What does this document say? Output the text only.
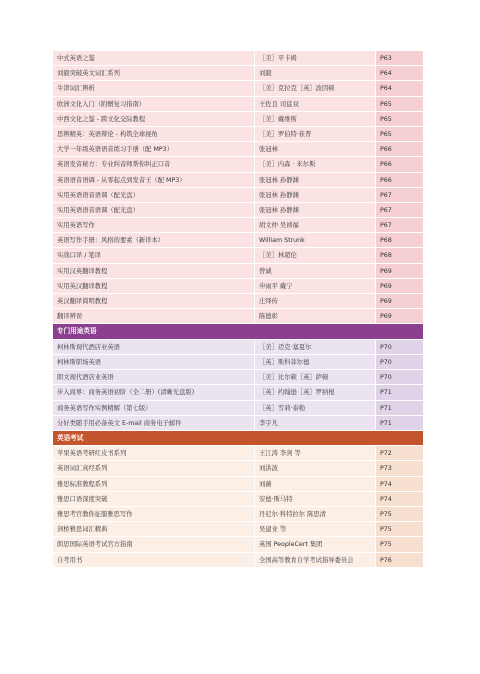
中式英语之鉴	［美］平卡姆	P63
刘毅突破英文词汇系列	刘毅	P64
牛津词汇辨析	［美］克拉克［英］波因顿	P64
欧洲文化入门（附赠复习指南）	王佐良 司徒双	P65
中西文化之鉴 - 跨文化交际教程	［美］戴维斯	P65
思辨精英：英语辩论 - 构筑全球视角	［美］罗伯特·崔普	P65
大学一年级英语语音练习手册（配 MP3）	张冠林	P66
英语发音秘方：专业纠音师帮你纠正口音	［美］内森 · 米尔斯	P66
英语语音语调 - 从零起点到发音王（配 MP3）	张冠林 孙静渊	P66
实用英语语音语调（配光盘）	张冠林 孙静渊	P67
实用英语语音语调（配光盘）	张冠林 孙静渊	P67
实用英语写作	胡文仲 吴祯福	P67
英语写作手册：风格的要素（新译本）	William Strunk	P68
实战口译 / 笔译	［美］林超伦	P68
实用汉英翻译教程	曾诚	P69
实用英汉翻译教程	申雨平 戴宁	P69
英汉翻译简明教程	庄绎传	P69
翻译辨误	陈德彰	P69
专门用途英语
柯林斯现代酒店业英语	［美］迈克·塞夏尔	P70
柯林斯职场英语	［英］斯科菲尔德	P70
朗文现代酒店业英语	［美］比尔顿［英］萨顿	P70
步入商界：商务英语初阶（全二册）(清晰光盘版)	［英］约翰逊［英］罗纳根	P71
商务英语写作实例精解（第七版）	［英］雪莉·泰勒	P71
分好类随手用必备英文 E-mail 商务电子邮件	李宇凡	P71
英语考试
苹果英语考研红皮书系列	王江涛 李剑 等	P72
英语词汇真经系列	刘洪波	P73
雅思标准教程系列	刘薇	P74
雅思口语深度突破	安德·斯马特	P74
雅思考官教你征服雅思写作	丹尼尔·科特拉尔 陈思清	P75
剑桥雅思词汇精典	吴建业 等	P75
朗思国际英语考试官方指南	英国 PeopleCert 集团	P75
自考用书	全国高等教育自学考试指导委员会	P76
